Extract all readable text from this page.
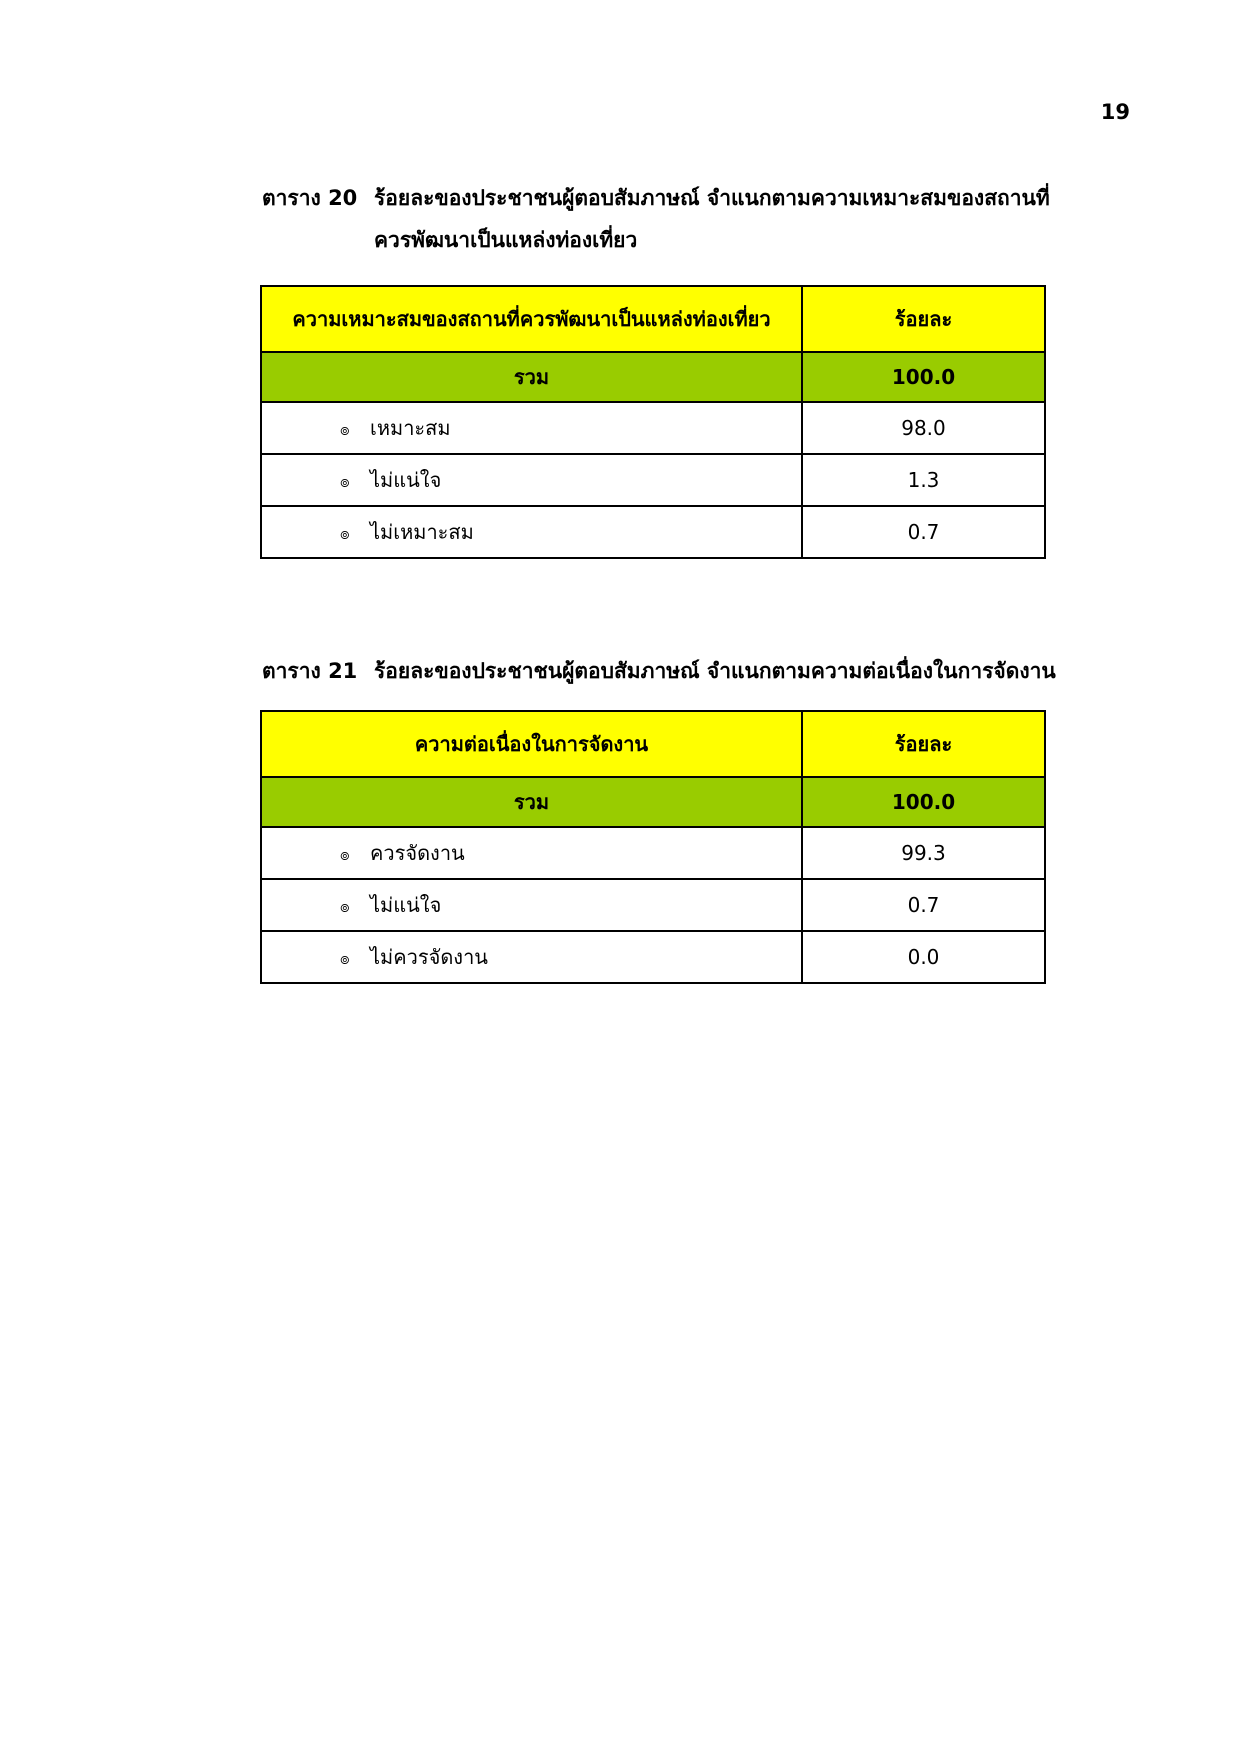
19
ตาราง 20 ร้อยละของประชาชนผู้ตอบสัมภาษณ์ จำแนกตามความเหมาะสมของสถานที่
ควรพัฒนาเป็นแหล่งท่องเที่ยว
ความเหมาะสมของสถานที่ควรพัฒนาเป็นแหล่งท่องเที่ยว	ร้อยละ
รวม	100.0
๏ เหมาะสม	98.0
๏ ไม่แน่ใจ	1.3
๏ ไม่เหมาะสม	0.7
ตาราง 21 ร้อยละของประชาชนผู้ตอบสัมภาษณ์ จำแนกตามความต่อเนื่องในการจัดงาน
ความต่อเนื่องในการจัดงาน	ร้อยละ
รวม	100.0
๏ ควรจัดงาน	99.3
๏ ไม่แน่ใจ	0.7
๏ ไม่ควรจัดงาน	0.0
